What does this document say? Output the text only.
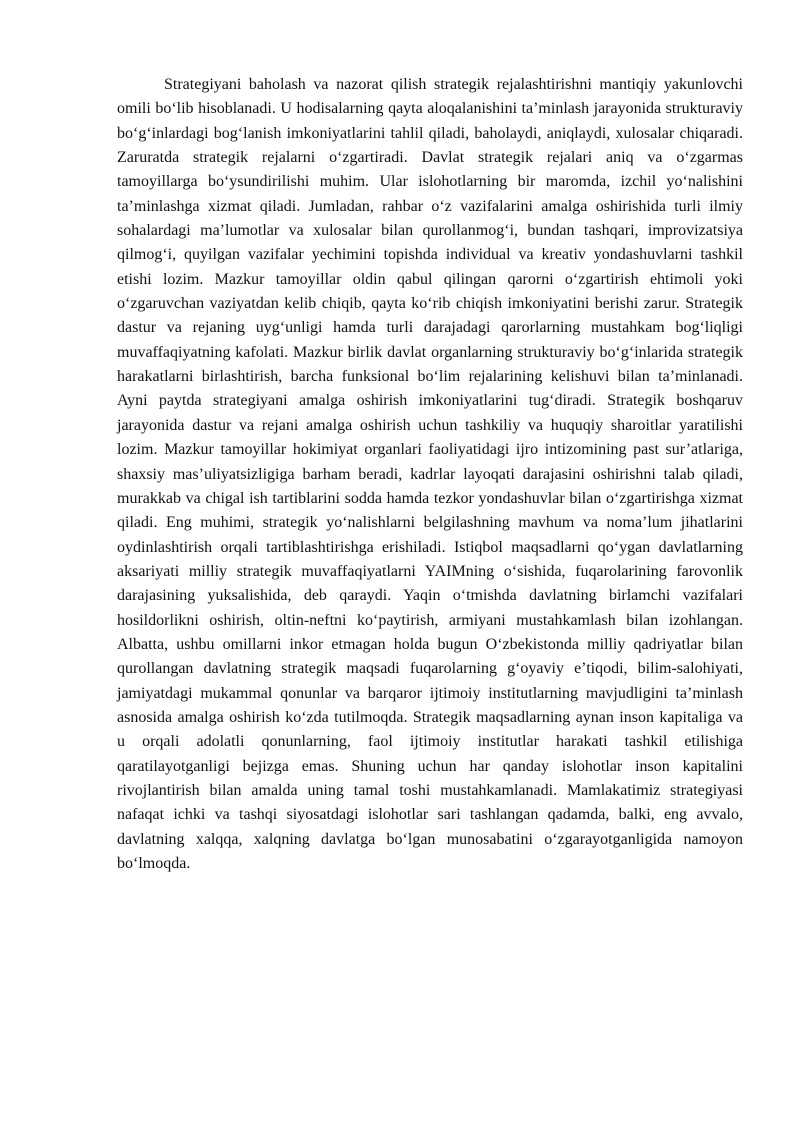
Strategiyani baholash va nazorat qilish strategik rejalashtirishni mantiqiy yakunlovchi omili bo‘lib hisoblanadi. U hodisalarning qayta aloqalanishini ta’minlash jarayonida strukturaviy bo‘g‘inlardagi bog‘lanish imkoniyatlarini tahlil qiladi, baholaydi, aniqlaydi, xulosalar chiqaradi. Zaruratda strategik rejalarni o‘zgartiradi. Davlat strategik rejalari aniq va o‘zgarmas tamoyillarga bo‘ysundirilishi muhim. Ular islohotlarning bir maromda, izchil yo‘nalishini ta’minlashga xizmat qiladi. Jumladan, rahbar o‘z vazifalarini amalga oshirishida turli ilmiy sohalardagi ma’lumotlar va xulosalar bilan qurollanmog‘i, bundan tashqari, improvizatsiya qilmog‘i, quyilgan vazifalar yechimini topishda individual va kreativ yondashuvlarni tashkil etishi lozim. Mazkur tamoyillar oldin qabul qilingan qarorni o‘zgartirish ehtimoli yoki o‘zgaruvchan vaziyatdan kelib chiqib, qayta ko‘rib chiqish imkoniyatini berishi zarur. Strategik dastur va rejaning uyg‘unligi hamda turli darajadagi qarorlarning mustahkam bog‘liqligi muvaffaqiyatning kafolati. Mazkur birlik davlat organlarning strukturaviy bo‘g‘inlarida strategik harakatlarni birlashtirish, barcha funksional bo‘lim rejalarining kelishuvi bilan ta’minlanadi. Ayni paytda strategiyani amalga oshirish imkoniyatlarini tug‘diradi. Strategik boshqaruv jarayonida dastur va rejani amalga oshirish uchun tashkiliy va huquqiy sharoitlar yaratilishi lozim. Mazkur tamoyillar hokimiyat organlari faoliyatidagi ijro intizomining past sur’atlariga, shaxsiy mas’uliyatsizligiga barham beradi, kadrlar layoqati darajasini oshirishni talab qiladi, murakkab va chigal ish tartiblarini sodda hamda tezkor yondashuvlar bilan o‘zgartirishga xizmat qiladi. Eng muhimi, strategik yo‘nalishlarni belgilashning mavhum va noma’lum jihatlarini oydinlashtirish orqali tartiblashtirishga erishiladi. Istiqbol maqsadlarni qo‘ygan davlatlarning aksariyati milliy strategik muvaffaqiyatlarni YAIMning o‘sishida, fuqarolarining farovonlik darajasining yuksalishida, deb qaraydi. Yaqin o‘tmishda davlatning birlamchi vazifalari hosildorlikni oshirish, oltin-neftni ko‘paytirish, armiyani mustahkamlash bilan izohlangan. Albatta, ushbu omillarni inkor etmagan holda bugun O‘zbekistonda milliy qadriyatlar bilan qurollangan davlatning strategik maqsadi fuqarolarning g‘oyaviy e’tiqodi, bilim-salohiyati, jamiyatdagi mukammal qonunlar va barqaror ijtimoiy institutlarning mavjudligini ta’minlash asnosida amalga oshirish ko‘zda tutilmoqda. Strategik maqsadlarning aynan inson kapitaliga va u orqali adolatli qonunlarning, faol ijtimoiy institutlar harakati tashkil etilishiga qaratilayotganligi bejizga emas. Shuning uchun har qanday islohotlar inson kapitalini rivojlantirish bilan amalda uning tamal toshi mustahkamlanadi. Mamlakatimiz strategiyasi nafaqat ichki va tashqi siyosatdagi islohotlar sari tashlangan qadamda, balki, eng avvalo, davlatning xalqqa, xalqning davlatga bo‘lgan munosabatini o‘zgarayotganligida namoyon bo‘lmoqda.
